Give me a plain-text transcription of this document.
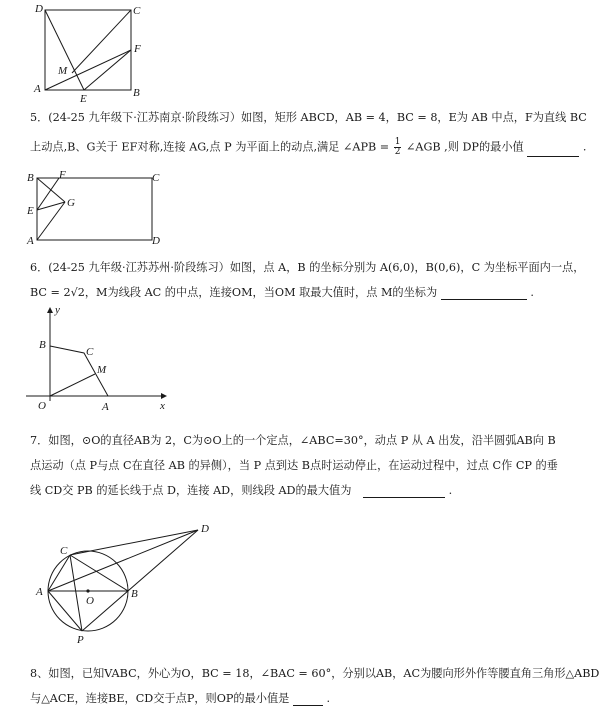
D	C
F
M
A
E	B
5．(24-25 九年级下·江苏南京·阶段练习）如图，矩形 ABCD，AB = 4，BC = 8，E为 AB 中点，F为直线 BC
上动点,B、G关于 EF对称,连接 AG,点 P 为平面上的动点,满足 ∠APB = $\frac{1}{2}$ ∠AGB ,则 DP的最小值	.
B F	C
E
G
A	D
6．(24-25 九年级·江苏苏州·阶段练习）如图，点 A，B 的坐标分别为 A(6,0)，B(0,6)，C 为坐标平面内一点，
BC = 2√2，M为线段 AC 的中点，连接OM，当OM 取最大值时，点 M的坐标为	.
y
B
C
M
O	A	x
7．如图，⊙O的直径AB为 2，C为⊙O上的一个定点，∠ABC=30°，动点 P 从 A 出发，沿半圆弧AB向 B
点运动（点 P与点 C在直径 AB 的异侧），当 P 点到达 B点时运动停止，在运动过程中，过点 C作 CP 的垂
线 CD交 PB 的延长线于点 D，连接 AD，则线段 AD的最大值为	.
D
C
A
O
B
P
8、如图，已知VABC，外心为O，BC = 18，∠BAC = 60°，分别以AB，AC为腰向形外作等腰直角三角形△ABD
与△ACE，连接BE，CD交于点P，则OP的最小值是	.
